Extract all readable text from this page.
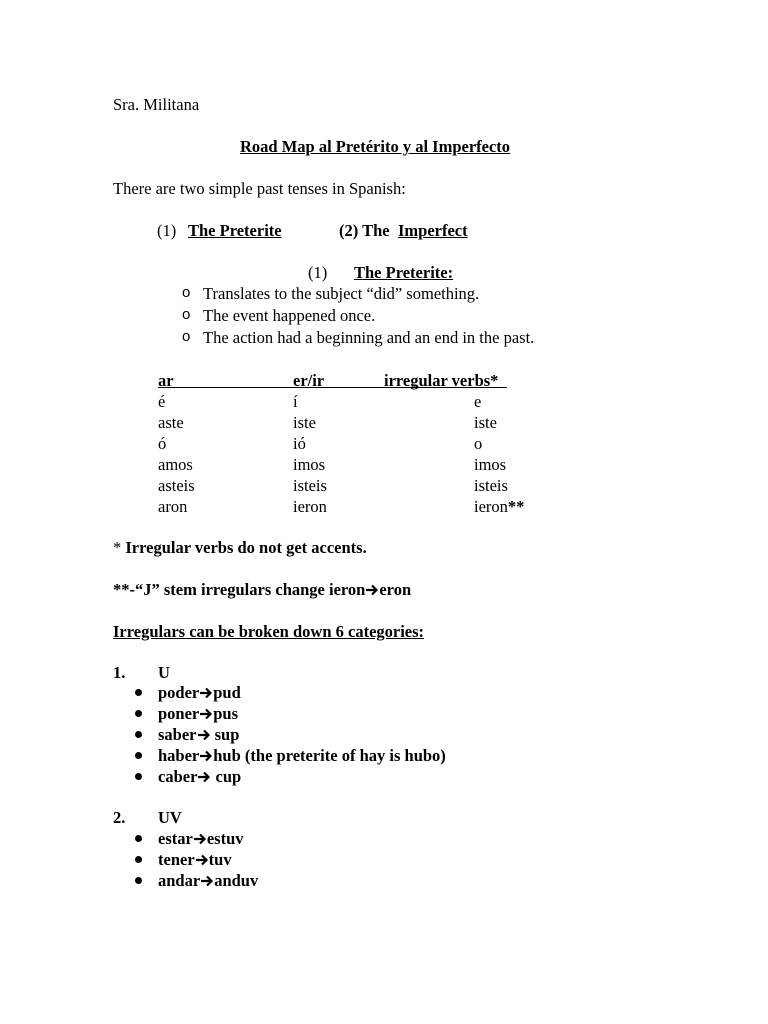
Sra. Militana
Road Map al Pretérito y al Imperfecto
There are two simple past tenses in Spanish:
(1) The Preterite	(2) The Imperfect
(1) The Preterite:
o Translates to the subject “did” something.
o The event happened once.
o The action had a beginning and an end in the past.
ar	er/ir	irregular verbs*
é	í	e
aste	iste	iste
ó	ió	o
amos	imos	imos
asteis	isteis	isteis
aron	ieron	ieron**
* Irregular verbs do not get accents.
**-“J” stem irregulars change ieron eron
Irregulars can be broken down 6 categories:
1. U
poder pud
poner pus
saber
sup
haber hub (the preterite of hay is hubo)
caber
cup
2. UV
estar estuv
tener tuv
andar anduv
